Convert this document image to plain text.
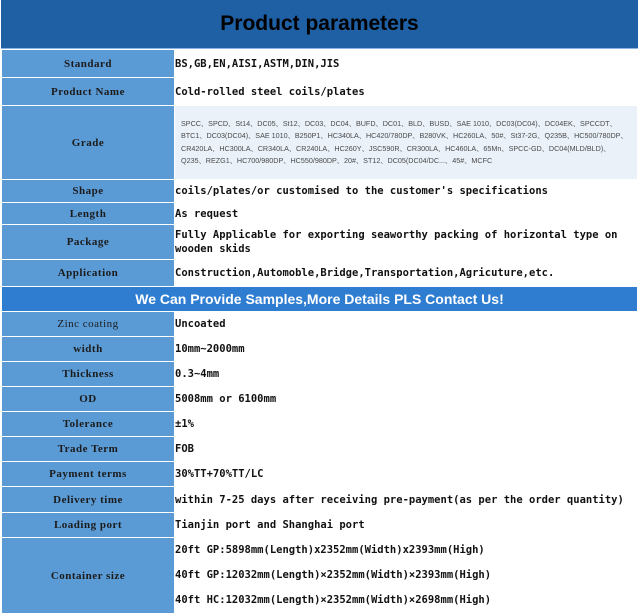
Product parameters
Standard	BS,GB,EN,AISI,ASTM,DIN,JIS
Product Name	Cold-rolled steel coils/plates
Grade	SPCC、SPCD、St14、DC05、St12、DC03、DC04、BUFD、DC01、BLD、BUSD、SAE 1010、DC03(DC04)、DC04EK、SPCCDT、BTC1、DC03(DC04)、SAE 1010、B250P1、HC340LA、HC420/780DP、B280VK、HC260LA、50#、St37-2G、Q235B、HC500/780DP、CR420LA、HC300LA、CR340LA、CR240LA、HC260Y、JSC590R、CR300LA、HC460LA、65Mn、SPCC-GD、DC04(MLD/BLD)、Q235、REZG1、HC700/980DP、HC550/980DP、20#、ST12、DC05(DC04/DC...、45#、MCFC
Shape	coils/plates/or customised to the customer's specifications
Length	As request
Package	Fully Applicable for exporting seaworthy packing of horizontal type on wooden skids
Application	Construction,Automoble,Bridge,Transportation,Agricuture,etc.
We Can Provide Samples,More Details PLS Contact Us!	
Zinc coating	Uncoated
width	10mm~2000mm
Thickness	0.3~4mm
OD	5008mm or 6100mm
Tolerance	±1%
Trade Term	FOB
Payment terms	30%TT+70%TT/LC
Delivery time	within 7-25 days after receiving pre-payment(as per the order quantity)
Loading port	Tianjin port and Shanghai port
Container size	20ft GP:5898mm(Length)x2352mm(Width)x2393mm(High)
40ft GP:12032mm(Length)×2352mm(Width)×2393mm(High)
40ft HC:12032mm(Length)×2352mm(Width)×2698mm(High)
